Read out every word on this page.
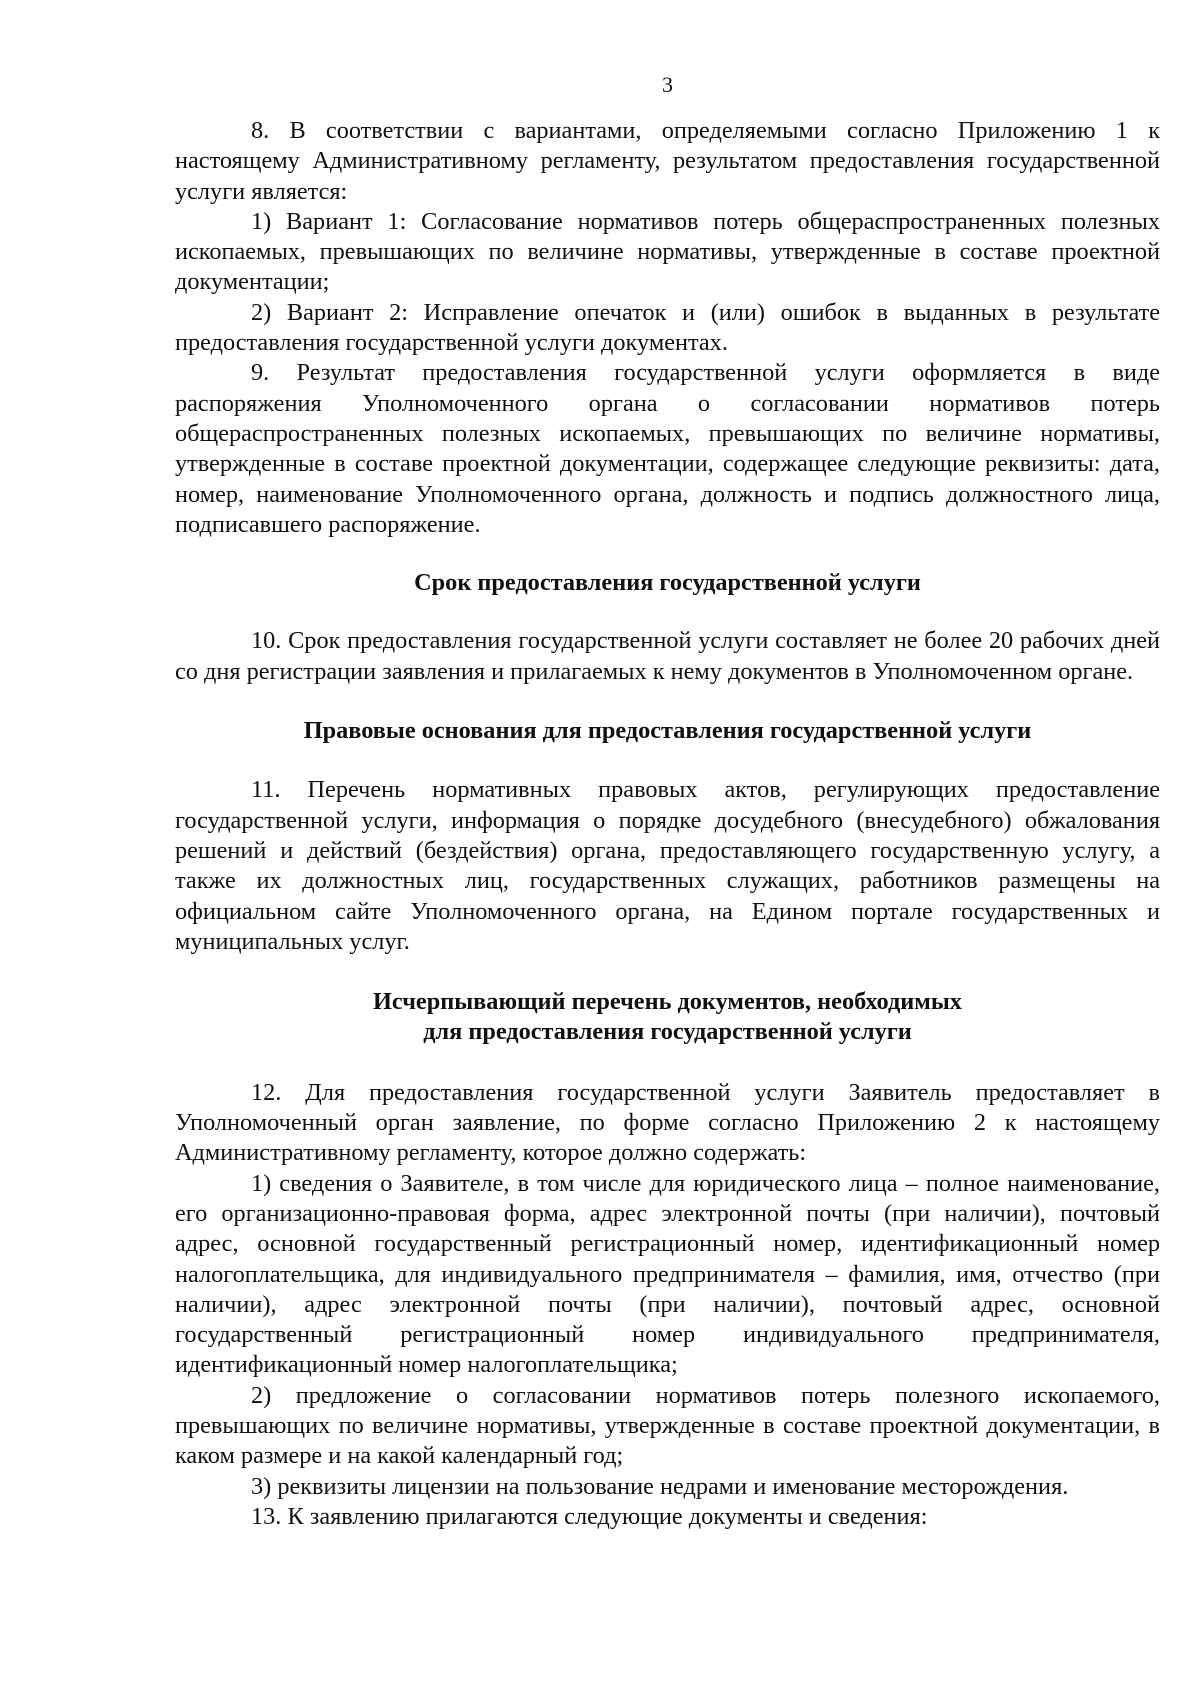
3

8. В соответствии с вариантами, определяемыми согласно Приложению 1 к настоящему Административному регламенту, результатом предоставления государственной услуги является:

1) Вариант 1: Согласование нормативов потерь общераспространенных полезных ископаемых, превышающих по величине нормативы, утвержденные в составе проектной документации;

2) Вариант 2: Исправление опечаток и (или) ошибок в выданных в результате предоставления государственной услуги документах.

9. Результат предоставления государственной услуги оформляется в виде распоряжения Уполномоченного органа о согласовании нормативов потерь общераспространенных полезных ископаемых, превышающих по величине нормативы, утвержденные в составе проектной документации, содержащее следующие реквизиты: дата, номер, наименование Уполномоченного органа, должность и подпись должностного лица, подписавшего распоряжение.

Срок предоставления государственной услуги

10. Срок предоставления государственной услуги составляет не более 20 рабочих дней со дня регистрации заявления и прилагаемых к нему документов в Уполномоченном органе.

Правовые основания для предоставления государственной услуги

11. Перечень нормативных правовых актов, регулирующих предоставление государственной услуги, информация о порядке досудебного (внесудебного) обжалования решений и действий (бездействия) органа, предоставляющего государственную услугу, а также их должностных лиц, государственных служащих, работников размещены на официальном сайте Уполномоченного органа, на Едином портале государственных и муниципальных услуг.

Исчерпывающий перечень документов, необходимых
для предоставления государственной услуги

12. Для предоставления государственной услуги Заявитель предоставляет в Уполномоченный орган заявление, по форме согласно Приложению 2 к настоящему Административному регламенту, которое должно содержать:

1) сведения о Заявителе, в том числе для юридического лица – полное наименование, его организационно-правовая форма, адрес электронной почты (при наличии), почтовый адрес, основной государственный регистрационный номер, идентификационный номер налогоплательщика, для индивидуального предпринимателя – фамилия, имя, отчество (при наличии), адрес электронной почты (при наличии), почтовый адрес, основной государственный регистрационный номер индивидуального предпринимателя, идентификационный номер налогоплательщика;

2) предложение о согласовании нормативов потерь полезного ископаемого, превышающих по величине нормативы, утвержденные в составе проектной документации, в каком размере и на какой календарный год;

3) реквизиты лицензии на пользование недрами и именование месторождения.

13. К заявлению прилагаются следующие документы и сведения:
